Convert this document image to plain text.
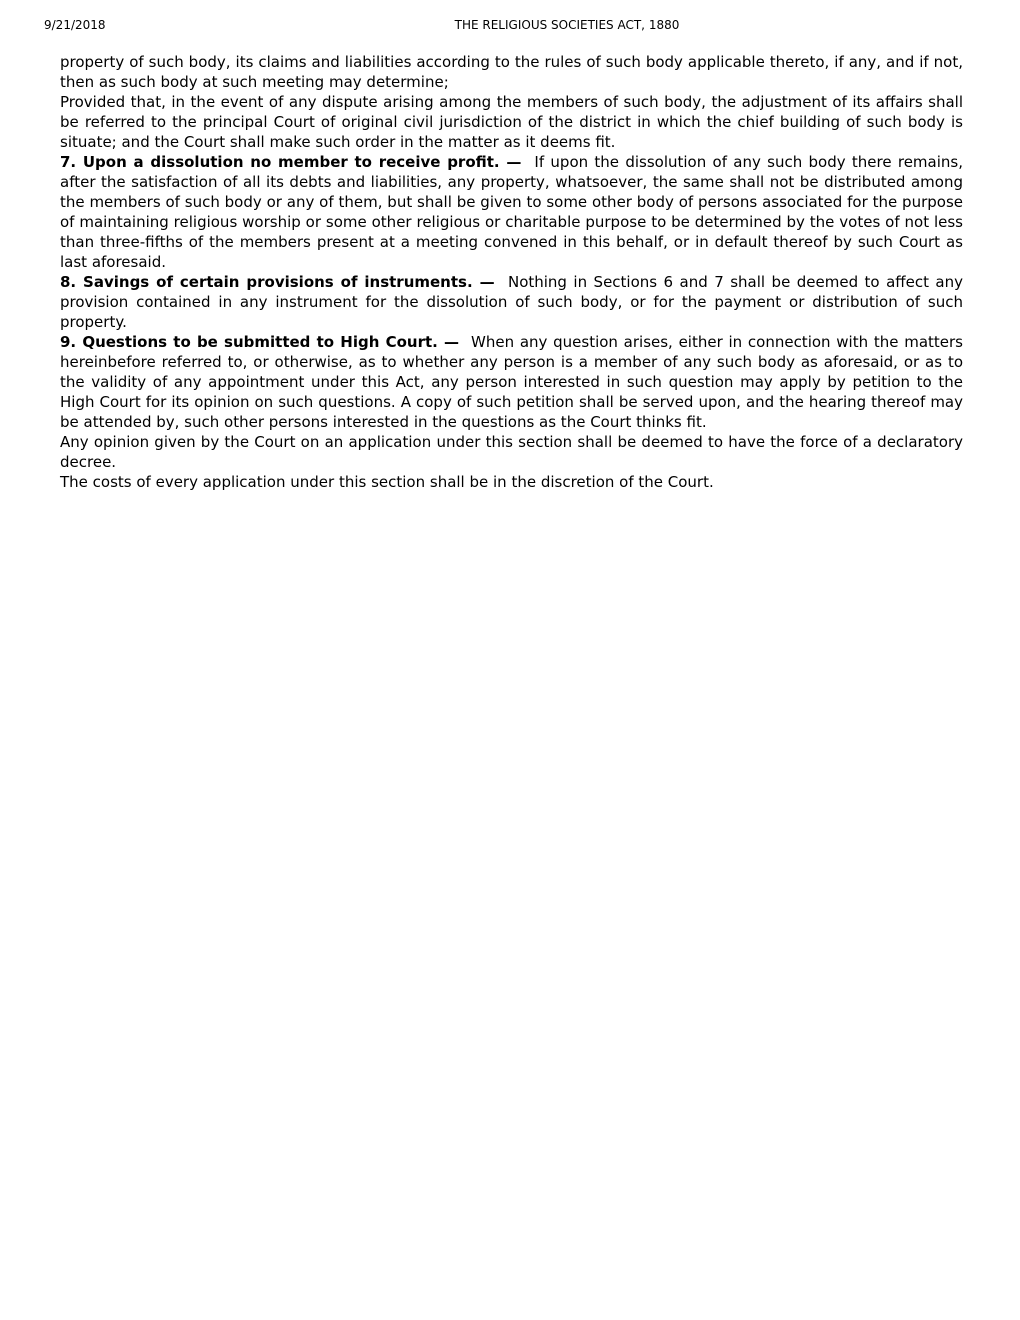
9/21/2018	THE RELIGIOUS SOCIETIES ACT, 1880
property of such body, its claims and liabilities according to the rules of such body applicable thereto, if any, and if not, then as such body at such meeting may determine;
Provided that, in the event of any dispute arising among the members of such body, the adjustment of its affairs shall be referred to the principal Court of original civil jurisdiction of the district in which the chief building of such body is situate; and the Court shall make such order in the matter as it deems fit.
7. Upon a dissolution no member to receive profit. — If upon the dissolution of any such body there remains, after the satisfaction of all its debts and liabilities, any property, whatsoever, the same shall not be distributed among the members of such body or any of them, but shall be given to some other body of persons associated for the purpose of maintaining religious worship or some other religious or charitable purpose to be determined by the votes of not less than three-fifths of the members present at a meeting convened in this behalf, or in default thereof by such Court as last aforesaid.
8. Savings of certain provisions of instruments. — Nothing in Sections 6 and 7 shall be deemed to affect any provision contained in any instrument for the dissolution of such body, or for the payment or distribution of such property.
9. Questions to be submitted to High Court. — When any question arises, either in connection with the matters hereinbefore referred to, or otherwise, as to whether any person is a member of any such body as aforesaid, or as to the validity of any appointment under this Act, any person interested in such question may apply by petition to the High Court for its opinion on such questions. A copy of such petition shall be served upon, and the hearing thereof may be attended by, such other persons interested in the questions as the Court thinks fit.
Any opinion given by the Court on an application under this section shall be deemed to have the force of a declaratory decree.
The costs of every application under this section shall be in the discretion of the Court.
